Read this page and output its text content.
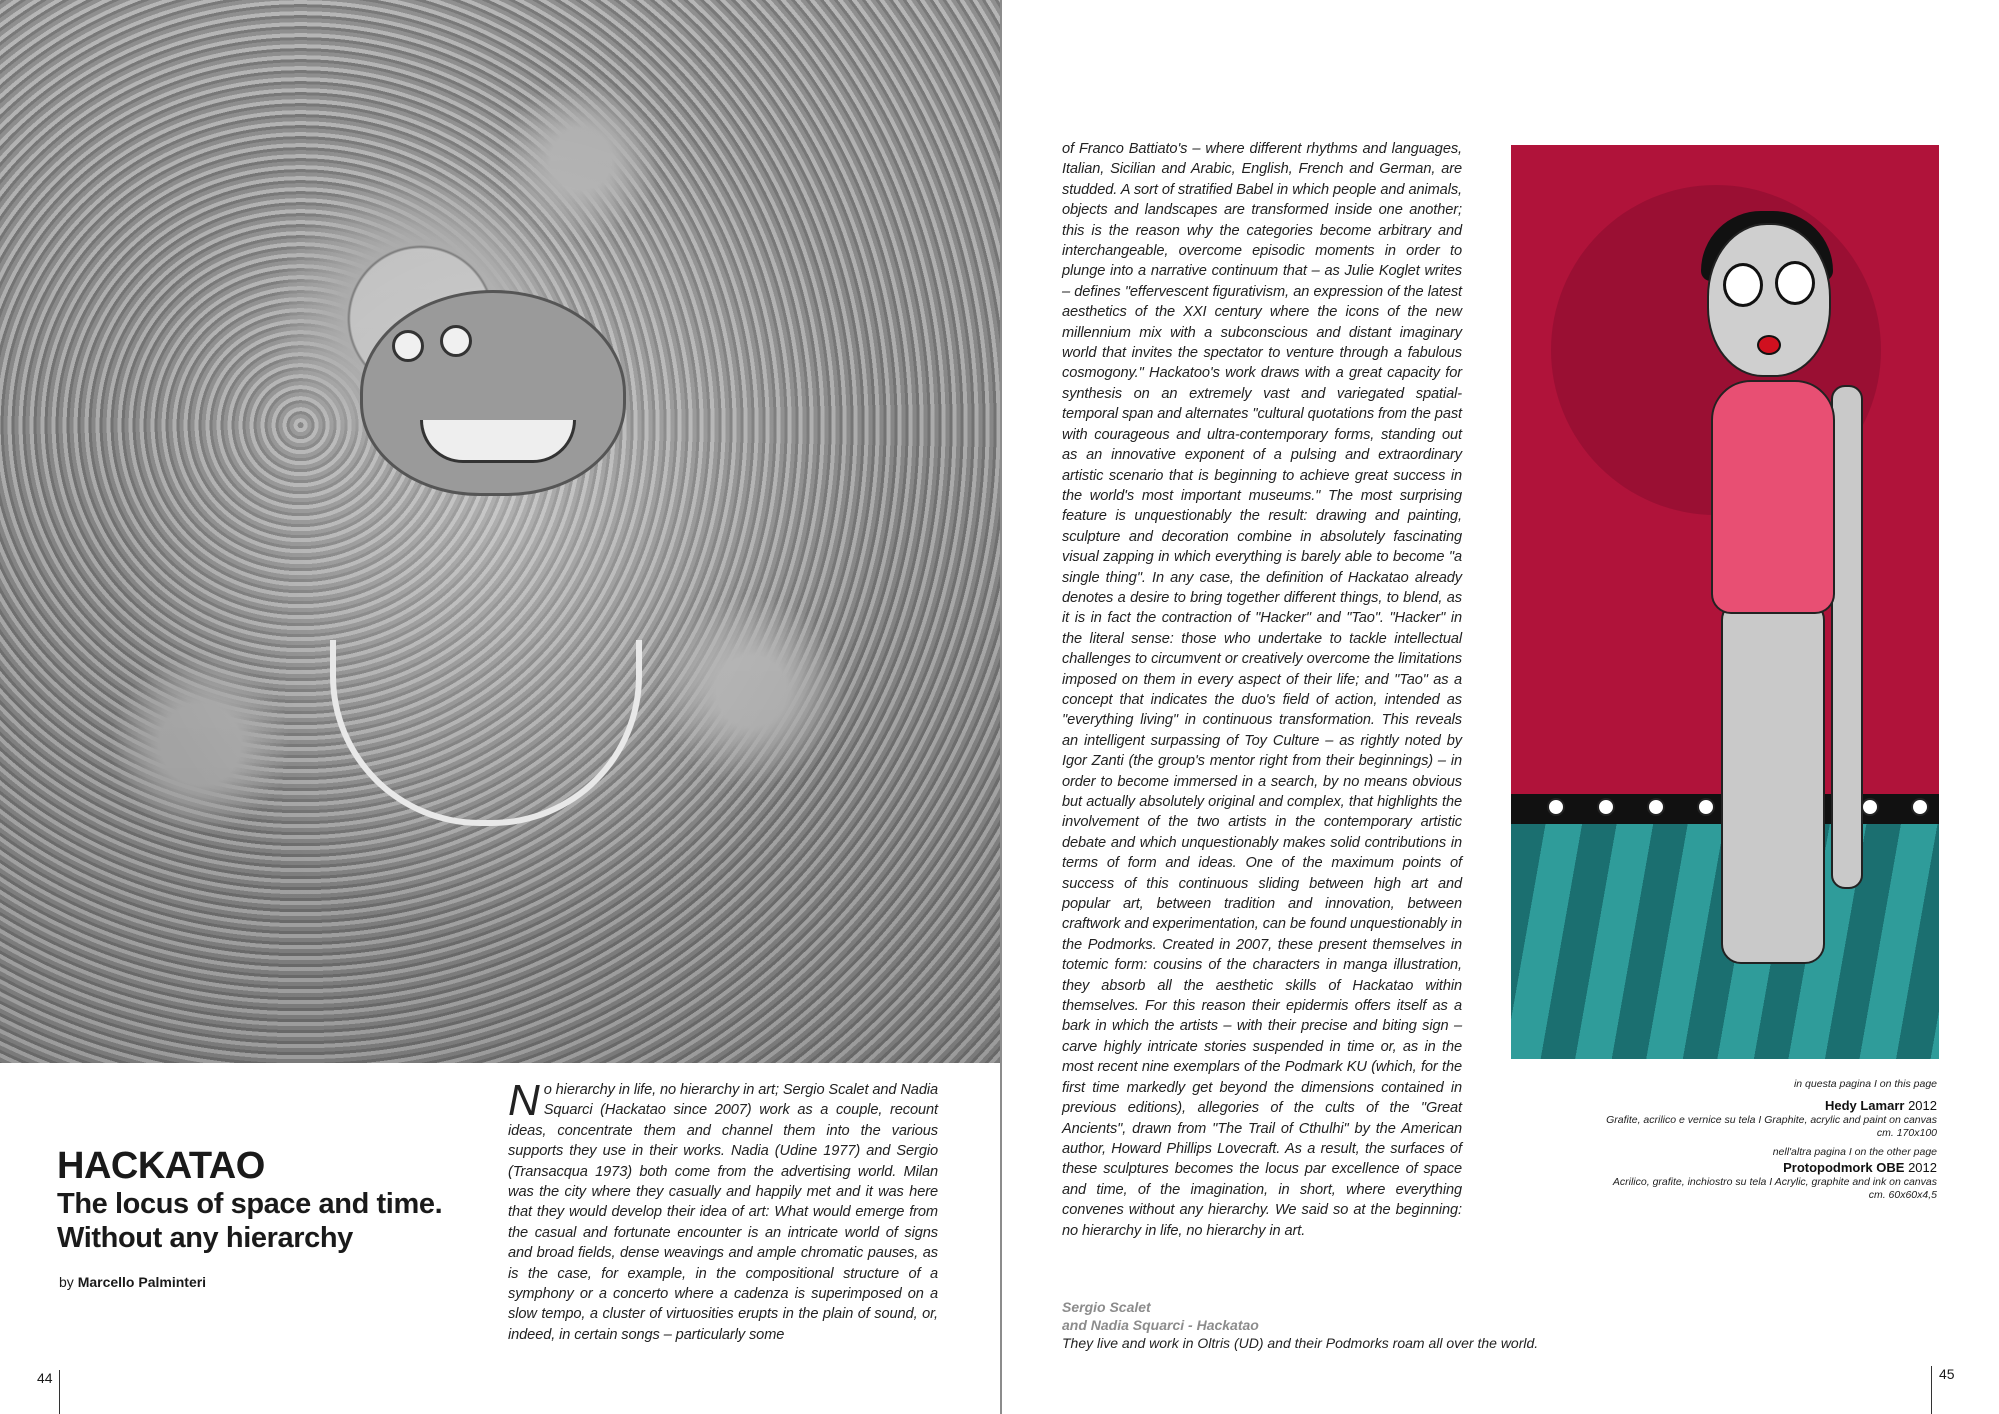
HACKATAO
The locus of space and time.
Without any hierarchy
by Marcello Palminteri
No hierarchy in life, no hierarchy in art; Sergio Scalet and Nadia Squarci (Hackatao since 2007) work as a couple, recount ideas, concentrate them and channel them into the various supports they use in their works. Nadia (Udine 1977) and Sergio (Transacqua 1973) both come from the advertising world. Milan was the city where they casually and happily met and it was here that they would develop their idea of art: What would emerge from the casual and fortunate encounter is an intricate world of signs and broad fields, dense weavings and ample chromatic pauses, as is the case, for example, in the compositional structure of a symphony or a concerto where a cadenza is superimposed on a slow tempo, a cluster of virtuosities erupts in the plain of sound, or, indeed, in certain songs – particularly some
44
of Franco Battiato's – where different rhythms and languages, Italian, Sicilian and Arabic, English, French and German, are studded. A sort of stratified Babel in which people and animals, objects and landscapes are transformed inside one another; this is the reason why the categories become arbitrary and interchangeable, overcome episodic moments in order to plunge into a narrative continuum that – as Julie Koglet writes – defines "effervescent figurativism, an expression of the latest aesthetics of the XXI century where the icons of the new millennium mix with a subconscious and distant imaginary world that invites the spectator to venture through a fabulous cosmogony." Hackatoo's work draws with a great capacity for synthesis on an extremely vast and variegated spatial-temporal span and alternates "cultural quotations from the past with courageous and ultra-contemporary forms, standing out as an innovative exponent of a pulsing and extraordinary artistic scenario that is beginning to achieve great success in the world's most important museums." The most surprising feature is unquestionably the result: drawing and painting, sculpture and decoration combine in absolutely fascinating visual zapping in which everything is barely able to become "a single thing". In any case, the definition of Hackatao already denotes a desire to bring together different things, to blend, as it is in fact the contraction of "Hacker" and "Tao". "Hacker" in the literal sense: those who undertake to tackle intellectual challenges to circumvent or creatively overcome the limitations imposed on them in every aspect of their life; and "Tao" as a concept that indicates the duo's field of action, intended as "everything living" in continuous transformation. This reveals an intelligent surpassing of Toy Culture – as rightly noted by Igor Zanti (the group's mentor right from their beginnings) – in order to become immersed in a search, by no means obvious but actually absolutely original and complex, that highlights the involvement of the two artists in the contemporary artistic debate and which unquestionably makes solid contributions in terms of form and ideas. One of the maximum points of success of this continuous sliding between high art and popular art, between tradition and innovation, between craftwork and experimentation, can be found unquestionably in the Podmorks. Created in 2007, these present themselves in totemic form: cousins of the characters in manga illustration, they absorb all the aesthetic skills of Hackatao within themselves. For this reason their epidermis offers itself as a bark in which the artists – with their precise and biting sign – carve highly intricate stories suspended in time or, as in the most recent nine exemplars of the Podmark KU (which, for the first time markedly get beyond the dimensions contained in previous editions), allegories of the cults of the "Great Ancients", drawn from "The Trail of Cthulhi" by the American author, Howard Phillips Lovecraft. As a result, the surfaces of these sculptures becomes the locus par excellence of space and time, of the imagination, in short, where everything convenes without any hierarchy. We said so at the beginning: no hierarchy in life, no hierarchy in art.
in questa pagina I on this page
Hedy Lamarr 2012
Grafite, acrilico e vernice su tela I Graphite, acrylic and paint on canvas
cm. 170x100
nell'altra pagina I on the other page
Protopodmork OBE 2012
Acrilico, grafite, inchiostro su tela I Acrylic, graphite and ink on canvas
cm. 60x60x4,5
Sergio Scalet
and Nadia Squarci - Hackatao
They live and work in Oltris (UD) and their Podmorks roam all over the world.
45
